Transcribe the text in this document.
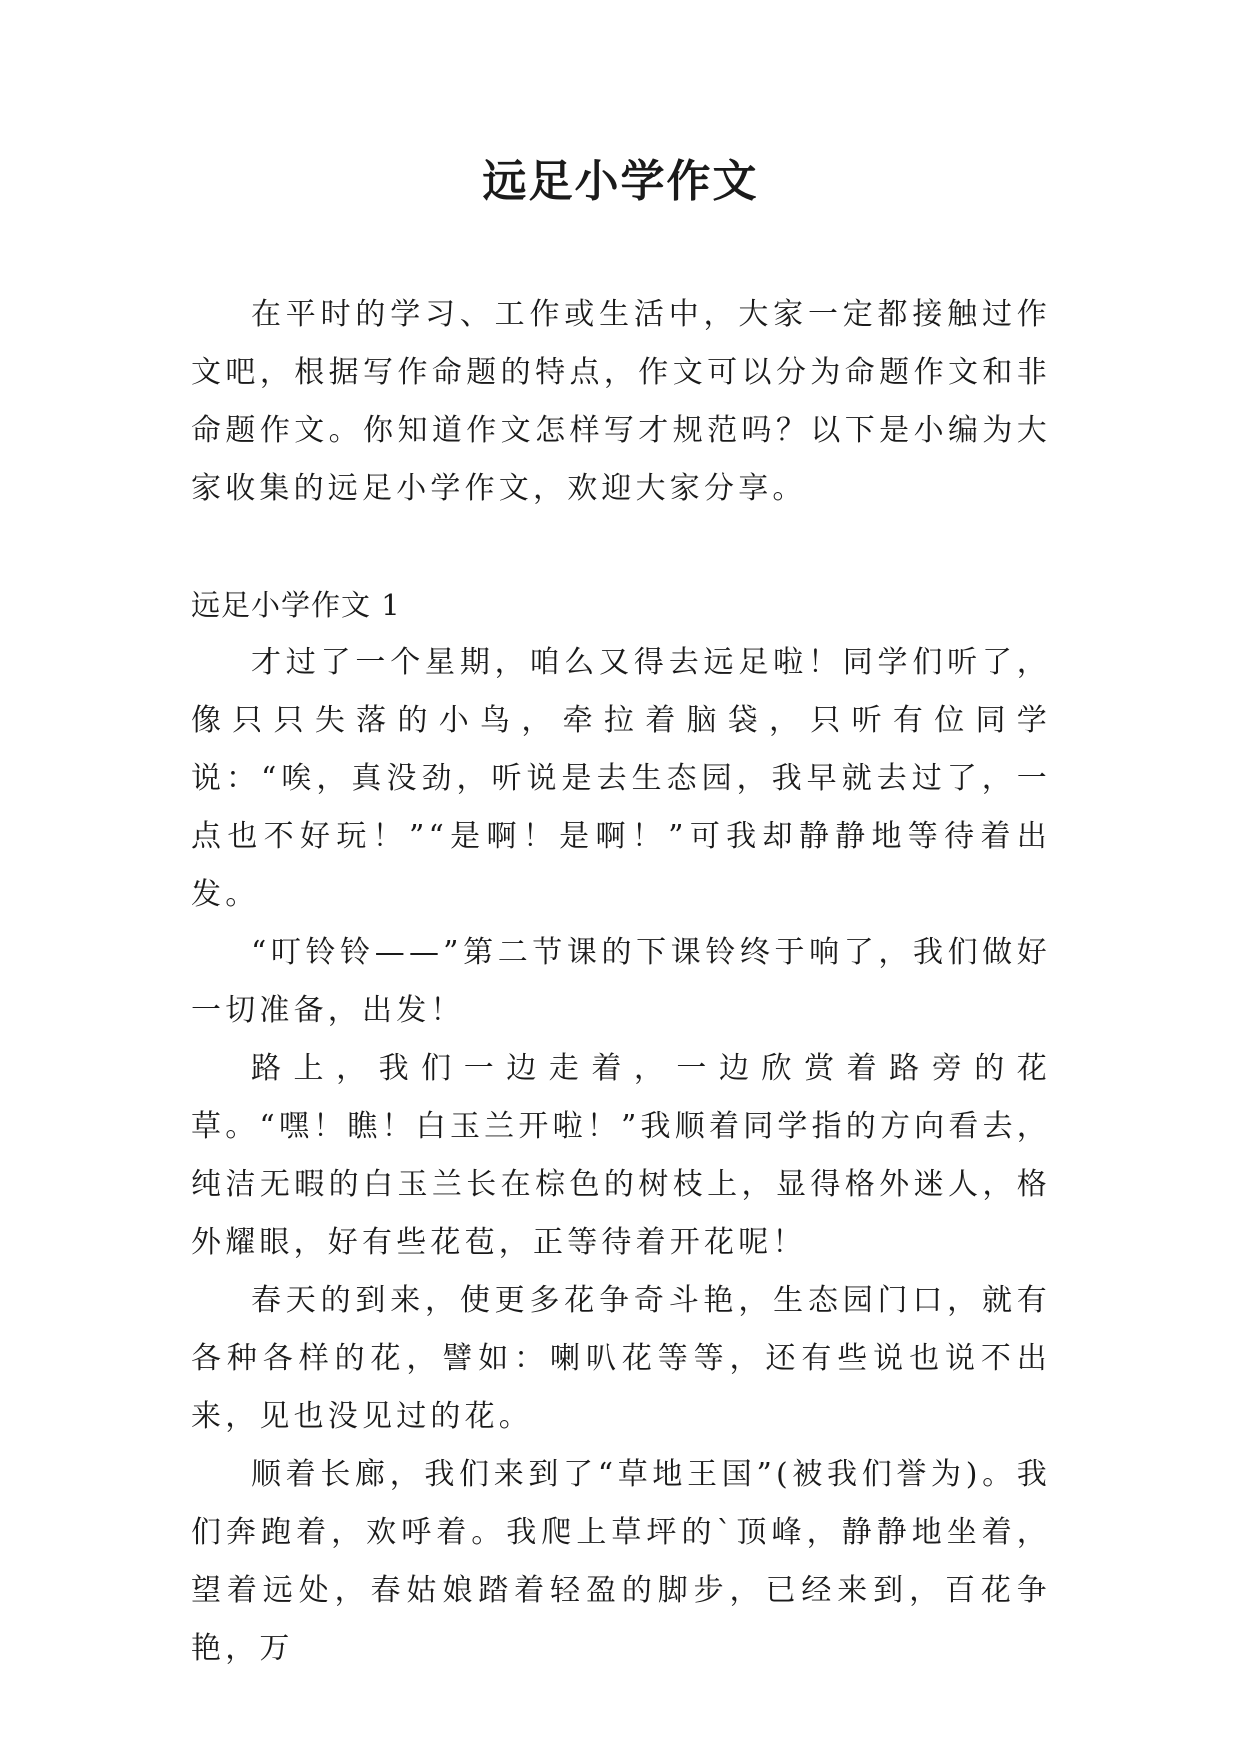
远足小学作文

在平时的学习、工作或生活中，大家一定都接触过作文吧，根据写作命题的特点，作文可以分为命题作文和非命题作文。你知道作文怎样写才规范吗？以下是小编为大家收集的远足小学作文，欢迎大家分享。

远足小学作文 1

才过了一个星期，咱么又得去远足啦！同学们听了，像只只失落的小鸟，牵拉着脑袋，只听有位同学说：“唉，真没劲，听说是去生态园，我早就去过了，一点也不好玩！”“是啊！是啊！”可我却静静地等待着出发。

“叮铃铃——”第二节课的下课铃终于响了，我们做好一切准备，出发！

路上，我们一边走着，一边欣赏着路旁的花草。“嘿！瞧！白玉兰开啦！”我顺着同学指的方向看去，纯洁无暇的白玉兰长在棕色的树枝上，显得格外迷人，格外耀眼，好有些花苞，正等待着开花呢！

春天的到来，使更多花争奇斗艳，生态园门口，就有各种各样的花，譬如：喇叭花等等，还有些说也说不出来，见也没见过的花。

顺着长廊，我们来到了“草地王国”(被我们誉为)。我们奔跑着，欢呼着。我爬上草坪的`顶峰，静静地坐着，望着远处，春姑娘踏着轻盈的脚步，已经来到，百花争艳，万
